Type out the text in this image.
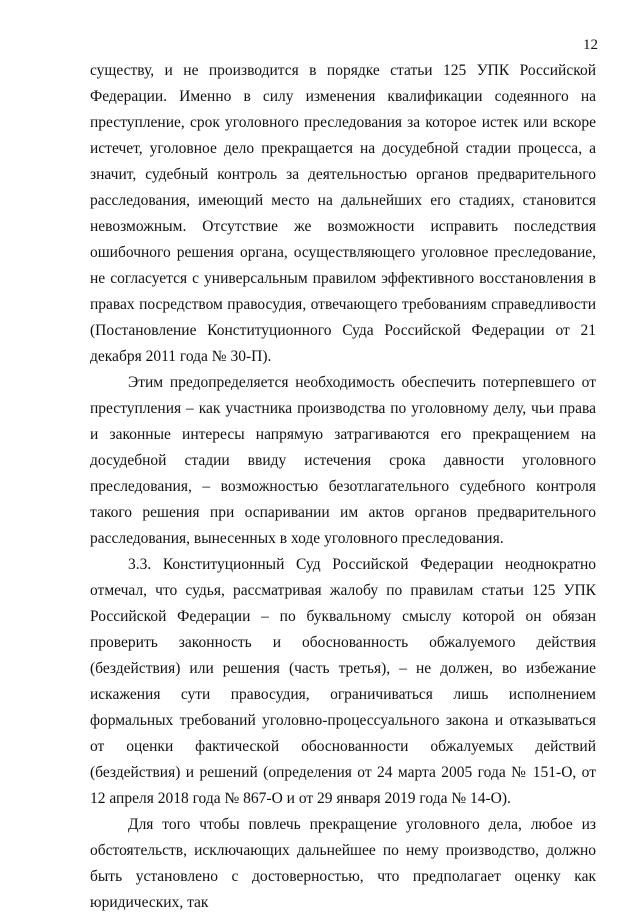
12

существу, и не производится в порядке статьи 125 УПК Российской Федерации. Именно в силу изменения квалификации содеянного на преступление, срок уголовного преследования за которое истек или вскоре истечет, уголовное дело прекращается на досудебной стадии процесса, а значит, судебный контроль за деятельностью органов предварительного расследования, имеющий место на дальнейших его стадиях, становится невозможным. Отсутствие же возможности исправить последствия ошибочного решения органа, осуществляющего уголовное преследование, не согласуется с универсальным правилом эффективного восстановления в правах посредством правосудия, отвечающего требованиям справедливости (Постановление Конституционного Суда Российской Федерации от 21 декабря 2011 года № 30-П).

Этим предопределяется необходимость обеспечить потерпевшего от преступления – как участника производства по уголовному делу, чьи права и законные интересы напрямую затрагиваются его прекращением на досудебной стадии ввиду истечения срока давности уголовного преследования, – возможностью безотлагательного судебного контроля такого решения при оспаривании им актов органов предварительного расследования, вынесенных в ходе уголовного преследования.

3.3. Конституционный Суд Российской Федерации неоднократно отмечал, что судья, рассматривая жалобу по правилам статьи 125 УПК Российской Федерации – по буквальному смыслу которой он обязан проверить законность и обоснованность обжалуемого действия (бездействия) или решения (часть третья), – не должен, во избежание искажения сути правосудия, ограничиваться лишь исполнением формальных требований уголовно-процессуального закона и отказываться от оценки фактической обоснованности обжалуемых действий (бездействия) и решений (определения от 24 марта 2005 года № 151-О, от 12 апреля 2018 года № 867-О и от 29 января 2019 года № 14-О).

Для того чтобы повлечь прекращение уголовного дела, любое из обстоятельств, исключающих дальнейшее по нему производство, должно быть установлено с достоверностью, что предполагает оценку как юридических, так
